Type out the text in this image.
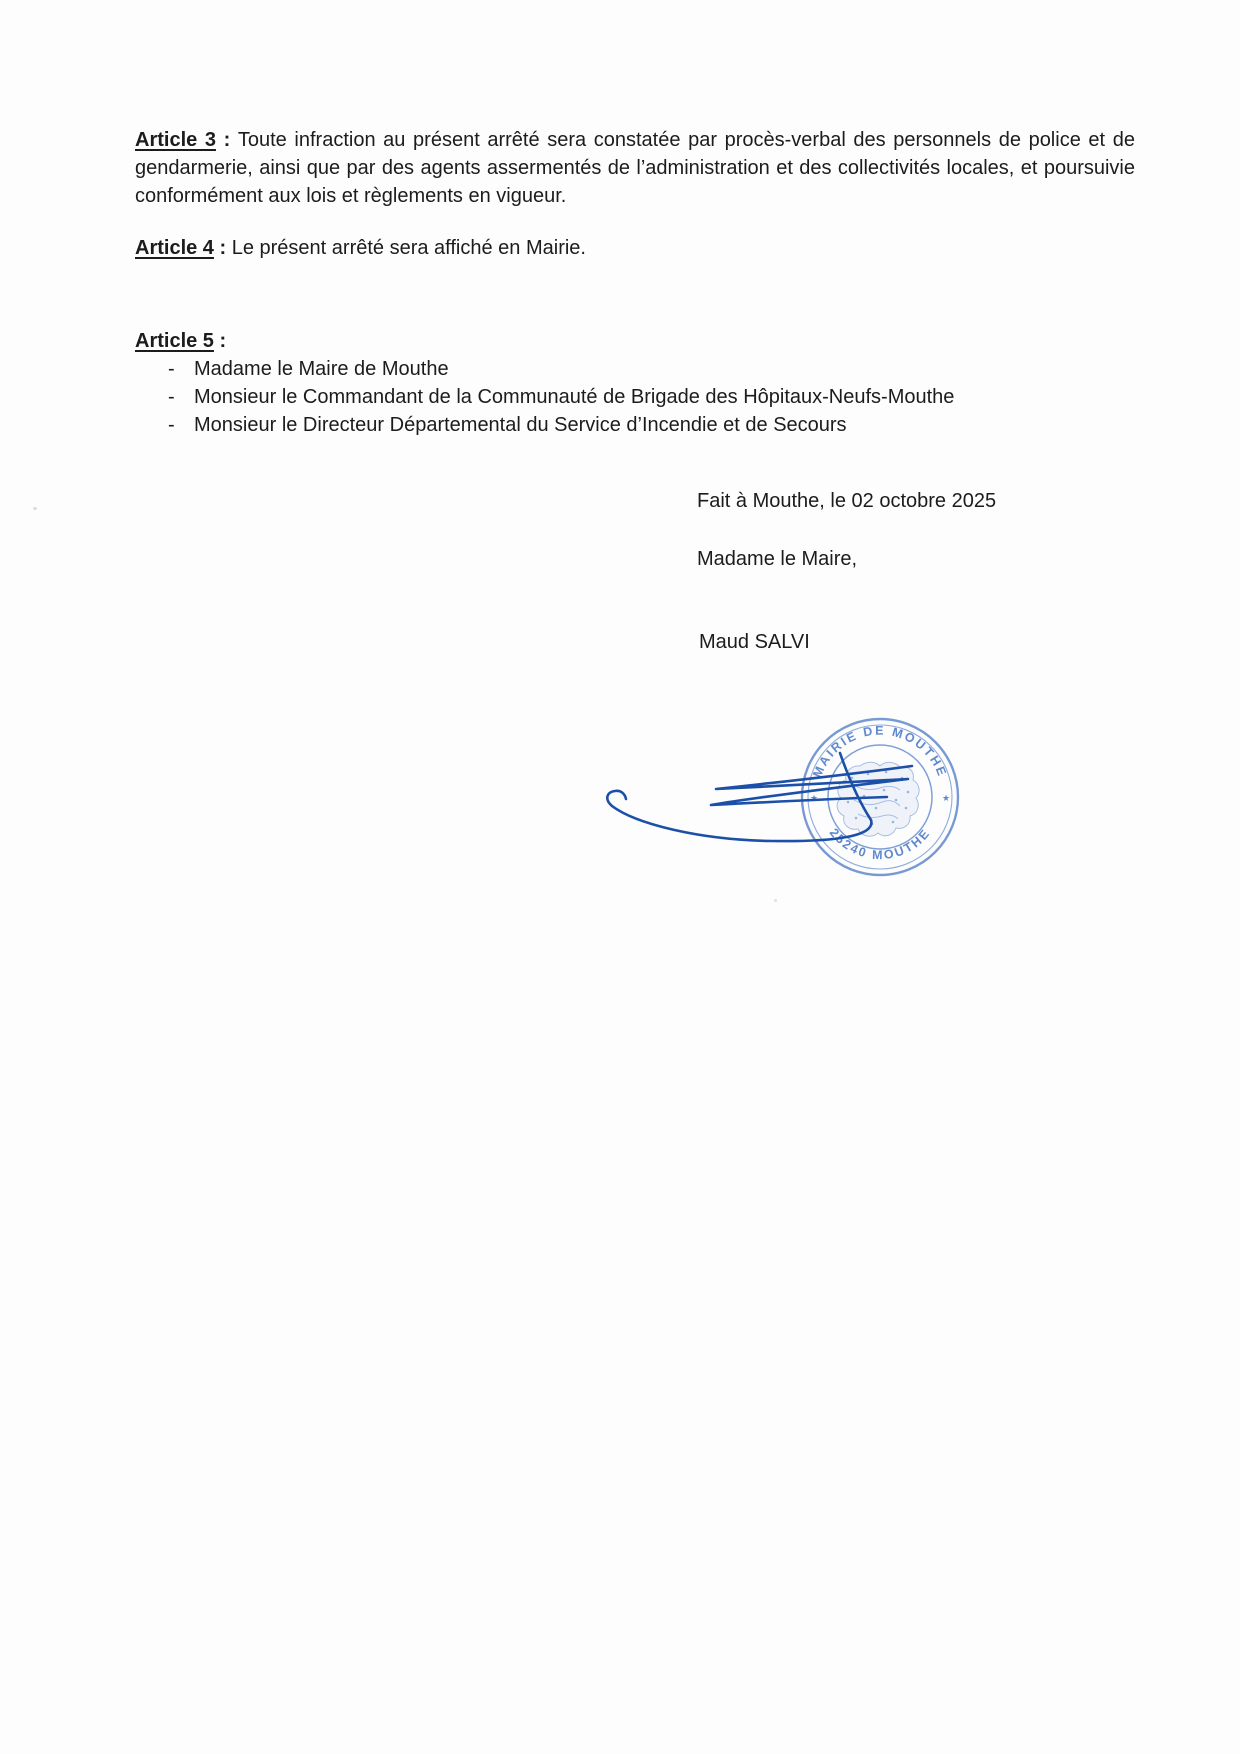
Article 3 : Toute infraction au présent arrêté sera constatée par procès-verbal des personnels de police et de gendarmerie, ainsi que par des agents assermentés de l’administration et des collectivités locales, et poursuivie conformément aux lois et règlements en vigueur.

Article 4 : Le présent arrêté sera affiché en Mairie.

Article 5 :

- Madame le Maire de Mouthe
- Monsieur le Commandant de la Communauté de Brigade des Hôpitaux-Neufs-Mouthe
- Monsieur le Directeur Départemental du Service d’Incendie et de Secours
Fait à Mouthe, le 02 octobre 2025
Madame le Maire,
Maud SALVI
MAIRIE DE MOUTHE
25240 MOUTHE
★	★
